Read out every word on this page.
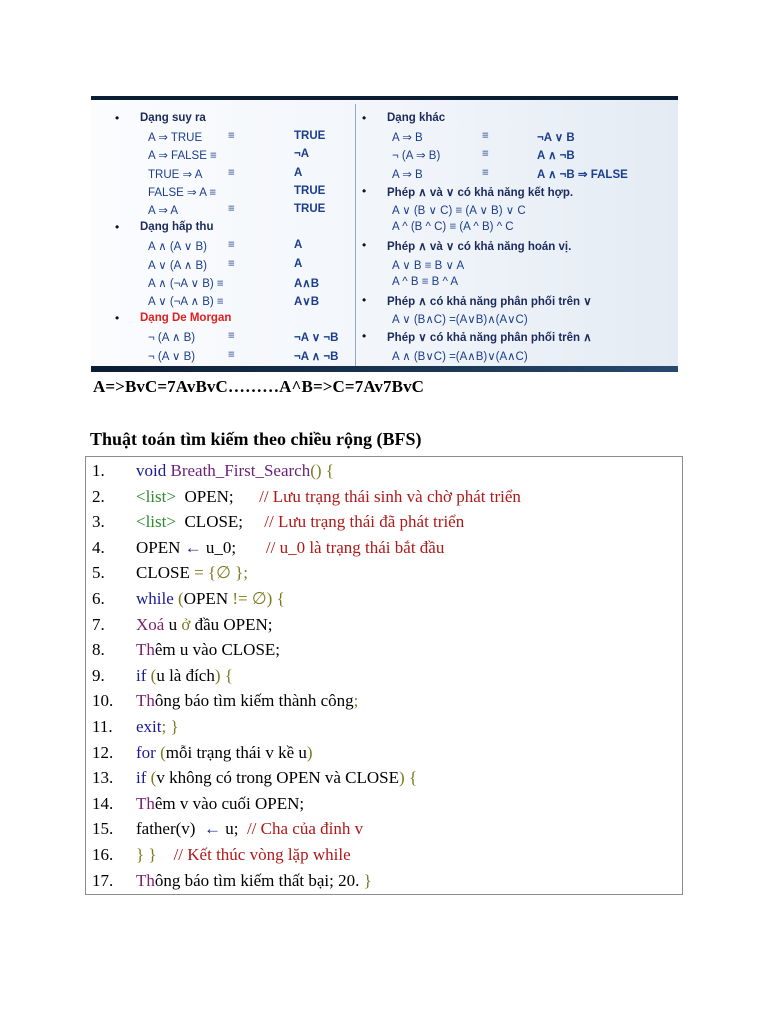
• Dạng suy ra
A ⇒ TRUE ≡	TRUE
A ⇒ FALSE ≡	¬A
TRUE ⇒ A ≡	A
FALSE ⇒ A ≡	TRUE
A ⇒ A	≡	TRUE
• Dạng hấp thu
A ∧ (A ∨ B) ≡	A
A ∨ (A ∧ B) ≡	A
A ∧ (¬A ∨ B) ≡	A∧B
A ∨ (¬A ∧ B) ≡	A∨B
• Dạng De Morgan
¬ (A ∧ B)	≡	¬A ∨ ¬B
¬ (A ∨ B)	≡	¬A ∧ ¬B
• Dạng khác
A ⇒ B	≡	¬A ∨ B
¬ (A ⇒ B)	≡	A ∧ ¬B
A ⇒ B	≡	A ∧ ¬B ⇒ FALSE
• Phép ∧ và ∨ có khả năng kết hợp.
A ∨ (B ∨ C) ≡ (A ∨ B) ∨ C
A ^ (B ^ C) ≡ (A ^ B) ^ C
• Phép ∧ và ∨ có khả năng hoán vị.
A ∨ B ≡ B ∨ A
A ^ B ≡ B ^ A
• Phép ∧ có khả năng phân phối trên ∨
A ∨ (B∧C) =(A∨B)∧(A∨C)
• Phép ∨ có khả năng phân phối trên ∧
A ∧ (B∨C) =(A∧B)∨(A∧C)
A=>BvC=7AvBvC………A^B=>C=7Av7BvC
Thuật toán tìm kiếm theo chiều rộng (BFS)
1. void Breath_First_Search() {
2. <list>  OPEN;      // Lưu trạng thái sinh và chờ phát triển
3. <list>  CLOSE;     // Lưu trạng thái đã phát triển
4. OPEN ← u_0;       // u_0 là trạng thái bắt đầu
5. CLOSE = {∅ };
6. while (OPEN != ∅) {
7. Xoá u ở đầu OPEN;
8. Thêm u vào CLOSE;
9. if (u là đích) {
10. Thông báo tìm kiếm thành công;
11. exit; }
12. for (mỗi trạng thái v kề u)
13. if (v không có trong OPEN và CLOSE) {
14. Thêm v vào cuối OPEN;
15. father(v)  ← u;  // Cha của đỉnh v
16. } } // Kết thúc vòng lặp while
17. Thông báo tìm kiếm thất bại; 20. }
